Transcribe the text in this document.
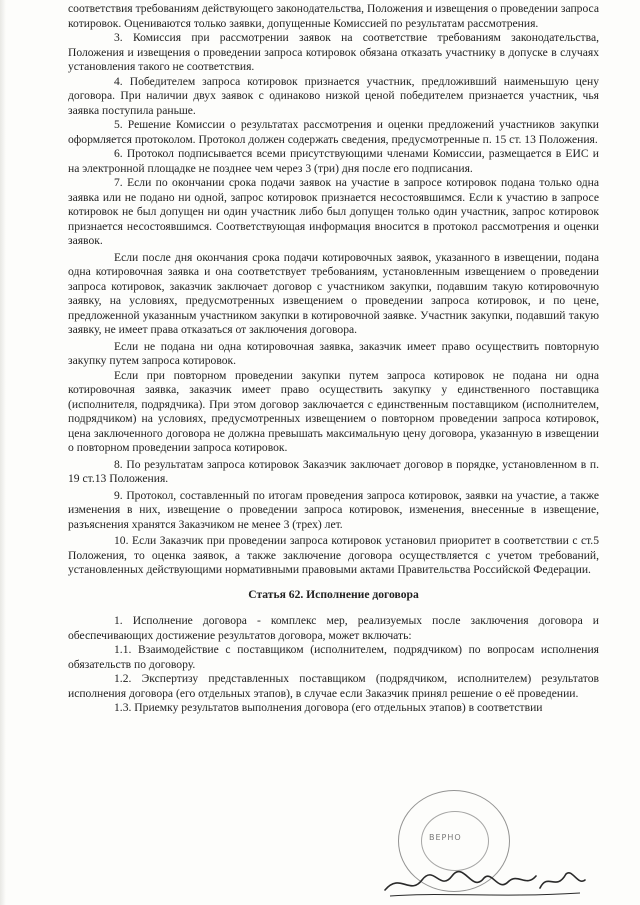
соответствия требованиям действующего законодательства, Положения и извещения о проведении запроса котировок. Оцениваются только заявки, допущенные Комиссией по результатам рассмотрения.

3. Комиссия при рассмотрении заявок на соответствие требованиям законодательства, Положения и извещения о проведении запроса котировок обязана отказать участнику в допуске в случаях установления такого не соответствия.

4. Победителем запроса котировок признается участник, предложивший наименьшую цену договора. При наличии двух заявок с одинаково низкой ценой победителем признается участник, чья заявка поступила раньше.

5. Решение Комиссии о результатах рассмотрения и оценки предложений участников закупки оформляется протоколом. Протокол должен содержать сведения, предусмотренные п. 15 ст. 13 Положения.

6. Протокол подписывается всеми присутствующими членами Комиссии, размещается в ЕИС и на электронной площадке не позднее чем через 3 (три) дня после его подписания.

7. Если по окончании срока подачи заявок на участие в запросе котировок подана только одна заявка или не подано ни одной, запрос котировок признается несостоявшимся. Если к участию в запросе котировок не был допущен ни один участник либо был допущен только один участник, запрос котировок признается несостоявшимся. Соответствующая информация вносится в протокол рассмотрения и оценки заявок.

Если после дня окончания срока подачи котировочных заявок, указанного в извещении, подана одна котировочная заявка и она соответствует требованиям, установленным извещением о проведении запроса котировок, заказчик заключает договор с участником закупки, подавшим такую котировочную заявку, на условиях, предусмотренных извещением о проведении запроса котировок, и по цене, предложенной указанным участником закупки в котировочной заявке. Участник закупки, подавший такую заявку, не имеет права отказаться от заключения договора.

Если не подана ни одна котировочная заявка, заказчик имеет право осуществить повторную закупку путем запроса котировок.

Если при повторном проведении закупки путем запроса котировок не подана ни одна котировочная заявка, заказчик имеет право осуществить закупку у единственного поставщика (исполнителя, подрядчика). При этом договор заключается с единственным поставщиком (исполнителем, подрядчиком) на условиях, предусмотренных извещением о повторном проведении запроса котировок, цена заключенного договора не должна превышать максимальную цену договора, указанную в извещении о повторном проведении запроса котировок.

8. По результатам запроса котировок Заказчик заключает договор в порядке, установленном в п. 19 ст.13 Положения.

9. Протокол, составленный по итогам проведения запроса котировок, заявки на участие, а также изменения в них, извещение о проведении запроса котировок, изменения, внесенные в извещение, разъяснения хранятся Заказчиком не менее 3 (трех) лет.

10. Если Заказчик при проведении запроса котировок установил приоритет в соответствии с ст.5 Положения, то оценка заявок, а также заключение договора осуществляется с учетом требований, установленных действующими нормативными правовыми актами Правительства Российской Федерации.

Статья 62. Исполнение договора

1. Исполнение договора - комплекс мер, реализуемых после заключения договора и обеспечивающих достижение результатов договора, может включать:

1.1. Взаимодействие с поставщиком (исполнителем, подрядчиком) по вопросам исполнения обязательств по договору.

1.2. Экспертизу представленных поставщиком (подрядчиком, исполнителем) результатов исполнения договора (его отдельных этапов), в случае если Заказчик принял решение о её проведении.

1.3. Приемку результатов выполнения договора (его отдельных этапов) в соответствии

ВЕРНО
